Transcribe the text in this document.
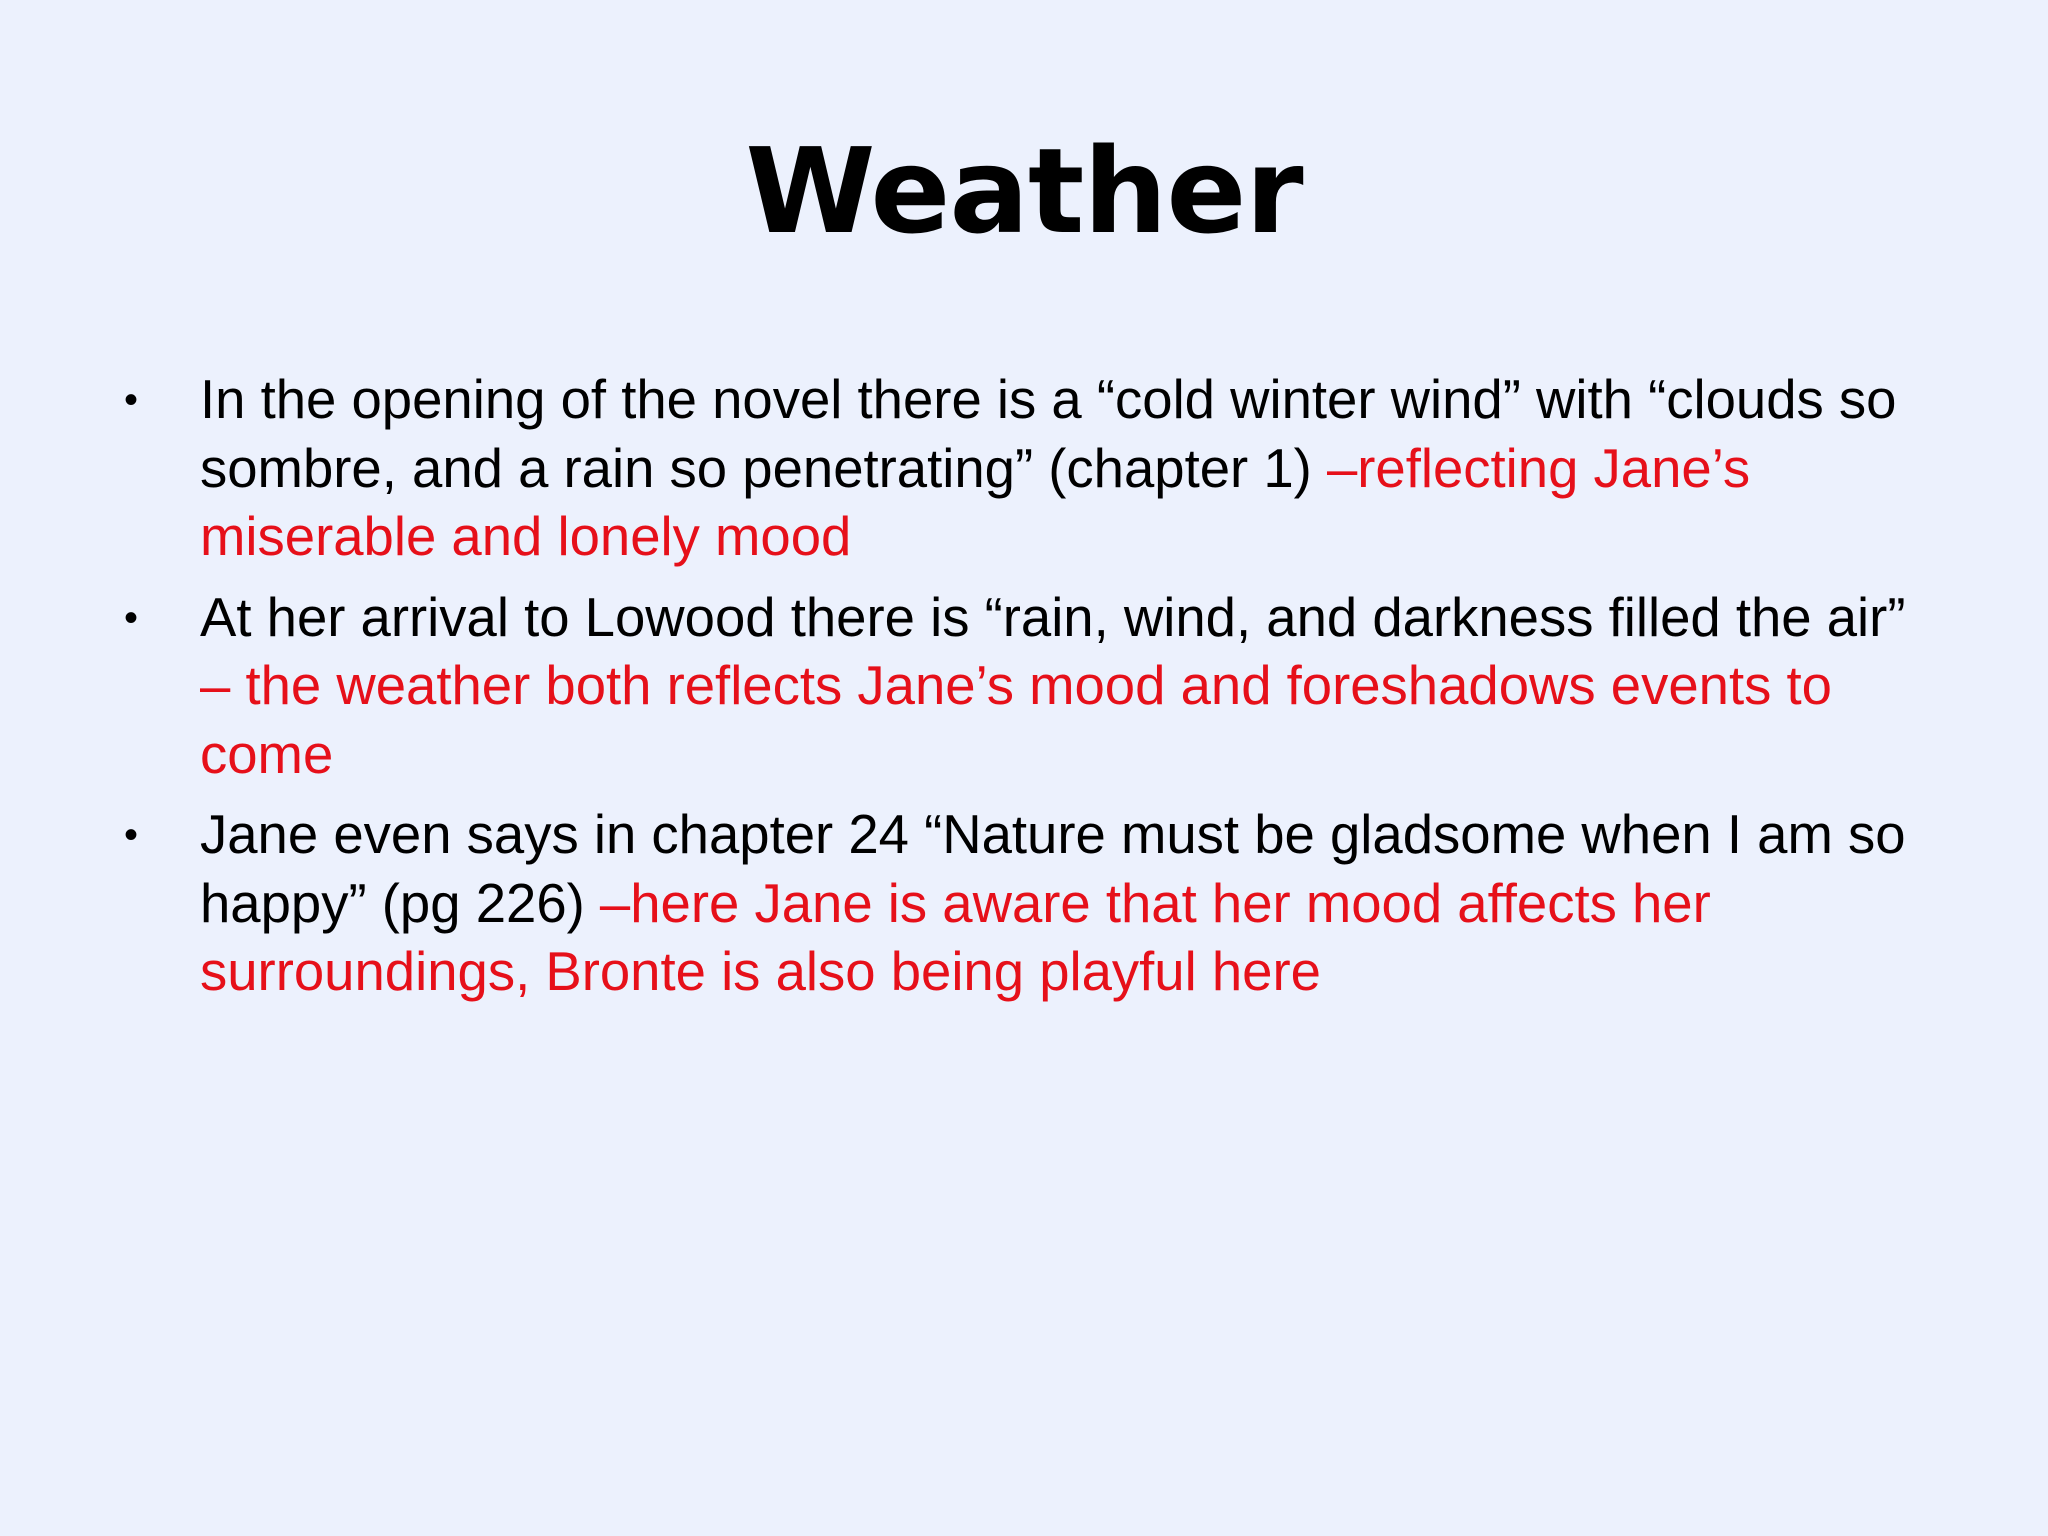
Weather
•	In the opening of the novel there is a “cold winter wind” with “clouds so sombre, and a rain so penetrating” (chapter 1) –reflecting Jane’s miserable and lonely mood
•	At her arrival to Lowood there is “rain, wind, and darkness filled the air” – the weather both reflects Jane’s mood and foreshadows events to come
•	Jane even says in chapter 24 “Nature must be gladsome when I am so happy” (pg 226) –here Jane is aware that her mood affects her surroundings, Bronte is also being playful here
